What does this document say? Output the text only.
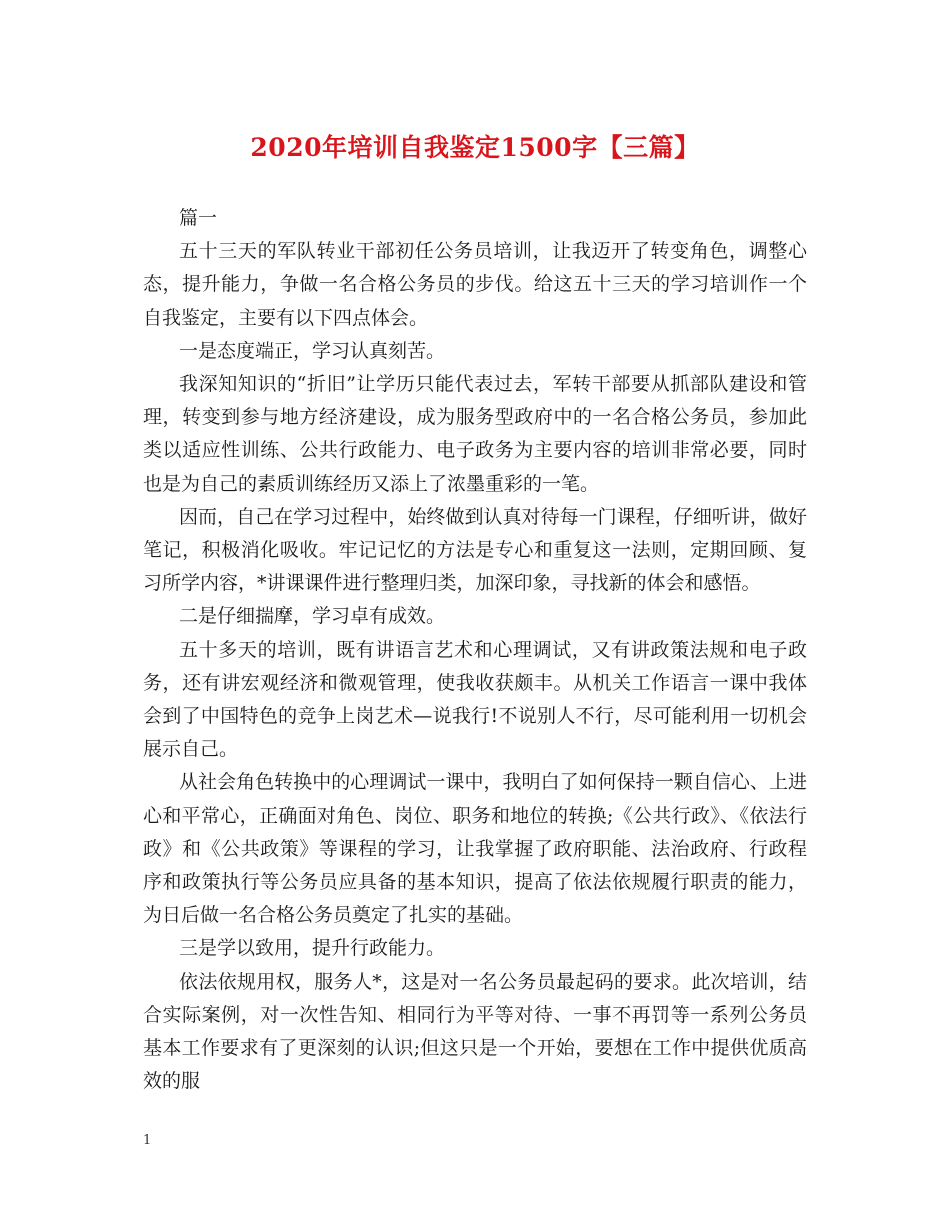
2020年培训自我鉴定1500字【三篇】

篇一

五十三天的军队转业干部初任公务员培训，让我迈开了转变角色，调整心态，提升能力，争做一名合格公务员的步伐。给这五十三天的学习培训作一个自我鉴定，主要有以下四点体会。

一是态度端正，学习认真刻苦。

我深知知识的“折旧”让学历只能代表过去，军转干部要从抓部队建设和管理，转变到参与地方经济建设，成为服务型政府中的一名合格公务员，参加此类以适应性训练、公共行政能力、电子政务为主要内容的培训非常必要，同时也是为自己的素质训练经历又添上了浓墨重彩的一笔。

因而，自己在学习过程中，始终做到认真对待每一门课程，仔细听讲，做好笔记，积极消化吸收。牢记记忆的方法是专心和重复这一法则，定期回顾、复习所学内容，*讲课课件进行整理归类，加深印象，寻找新的体会和感悟。

二是仔细揣摩，学习卓有成效。

五十多天的培训，既有讲语言艺术和心理调试，又有讲政策法规和电子政务，还有讲宏观经济和微观管理，使我收获颇丰。从机关工作语言一课中我体会到了中国特色的竞争上岗艺术—说我行!不说别人不行，尽可能利用一切机会展示自己。

从社会角色转换中的心理调试一课中，我明白了如何保持一颗自信心、上进心和平常心，正确面对角色、岗位、职务和地位的转换;《公共行政》、《依法行政》和《公共政策》等课程的学习，让我掌握了政府职能、法治政府、行政程序和政策执行等公务员应具备的基本知识，提高了依法依规履行职责的能力，为日后做一名合格公务员奠定了扎实的基础。

三是学以致用，提升行政能力。

依法依规用权，服务人*，这是对一名公务员最起码的要求。此次培训，结合实际案例，对一次性告知、相同行为平等对待、一事不再罚等一系列公务员基本工作要求有了更深刻的认识;但这只是一个开始，要想在工作中提供优质高效的服

1
